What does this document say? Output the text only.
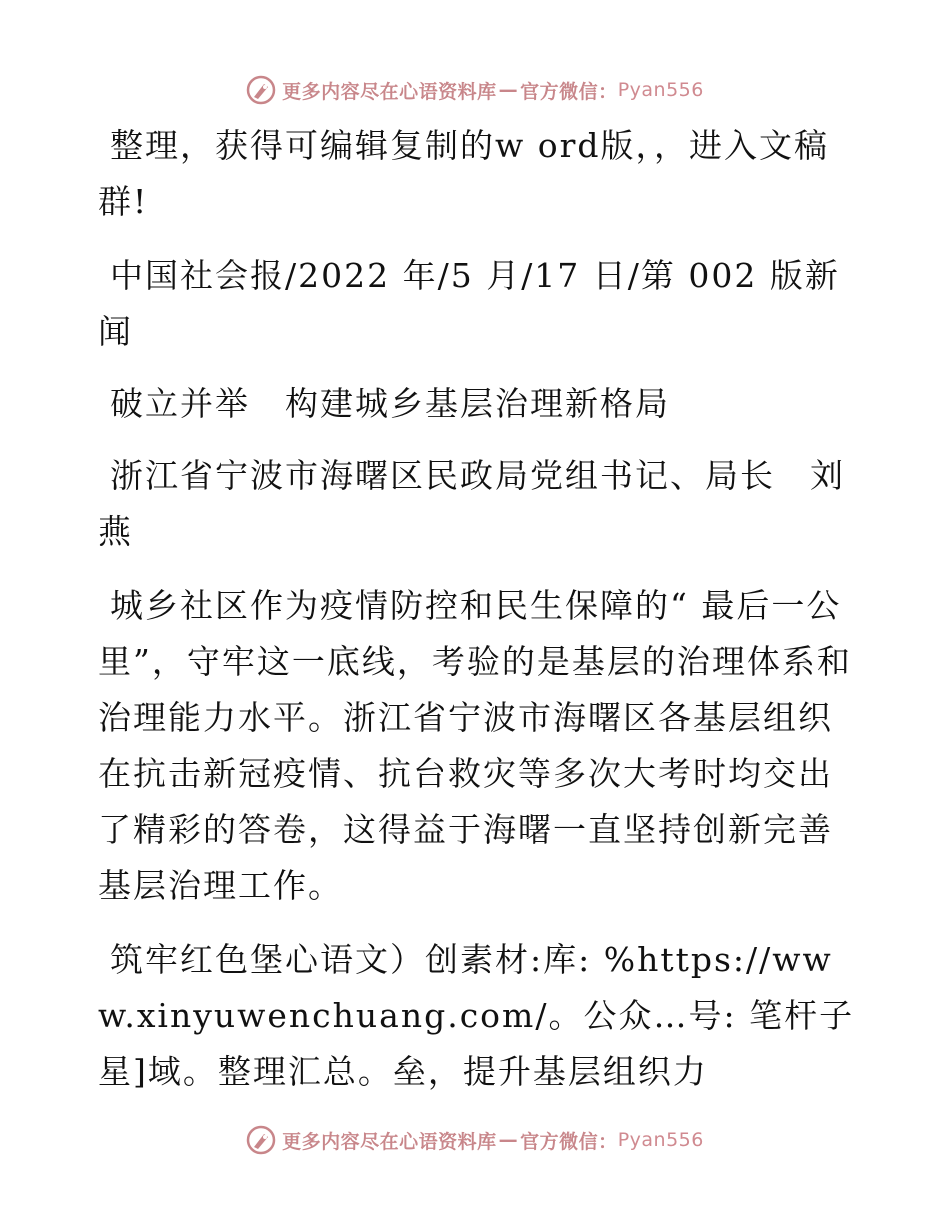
更多内容尽在心语资料库 — 官方微信： Pyan556

整理，获得可编辑复制的w ord版，，进入文稿群!

中国社会报/2022 年/5 月/17 日/第 002 版新闻

破立并举　构建城乡基层治理新格局

浙江省宁波市海曙区民政局党组书记、局长　刘燕

城乡社区作为疫情防控和民生保障的“ 最后一公里”，守牢这一底线，考验的是基层的治理体系和治理能力水平。浙江省宁波市海曙区各基层组织在抗击新冠疫情、抗台救灾等多次大考时均交出了精彩的答卷，这得益于海曙一直坚持创新完善基层治理工作。

筑牢红色堡心语文）创素材:库: %https://www.xinyuwenchuang.com/。公众…号: 笔杆子星]域。整理汇总。垒，提升基层组织力

更多内容尽在心语资料库 — 官方微信： Pyan556
